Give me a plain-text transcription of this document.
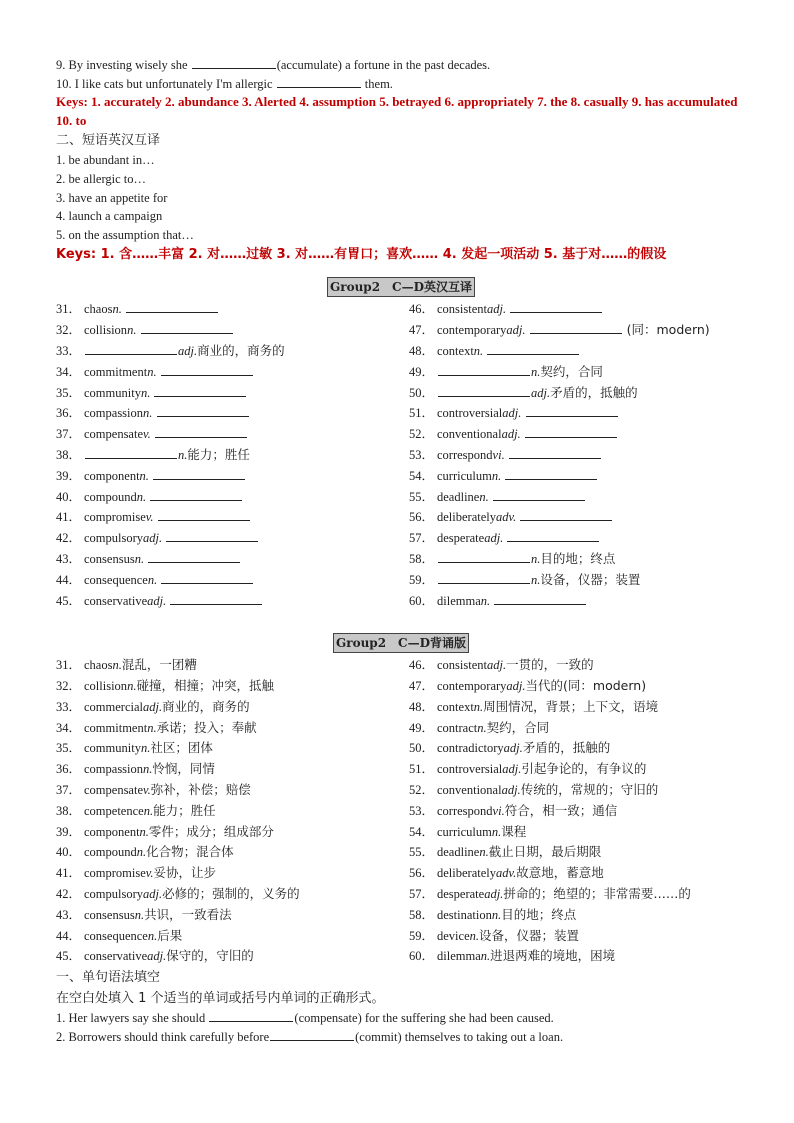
9. By investing wisely she	(accumulate) a fortune in the past decades.
10. I like cats but unfortunately I'm allergic	them.
Keys: 1. accurately 2. abundance 3. Alerted 4. assumption 5. betrayed 6. appropriately 7. the 8. casually 9. has accumulated 10. to
二、短语英汉互译
1. be abundant in…
2. be allergic to…
3. have an appetite for
4. launch a campaign
5. on the assumption that…
Keys: 1. 含……丰富 2. 对……过敏 3. 对……有胃口；喜欢…… 4. 发起一项活动 5. 基于对……的假设
Group2　C—D英汉互译
31． chaosn.	46． consistentadj.
32． collisionn.	47． contemporaryadj.	(同：modern)
33．	adj.商业的，商务的	48． contextn.
34． commitmentn.	49．	n.契约，合同
35． communityn.	50．	adj.矛盾的，抵触的
36． compassionn.	51． controversialadj.
37． compensatev.	52． conventionaladj.
38．	n.能力；胜任	53． correspondvi.
39． componentn.	54． curriculumn.
40． compoundn.	55． deadlinen.
41． compromisev.	56． deliberatelyadv.
42． compulsoryadj.	57． desperateadj.
43． consensusn.	58．	n.目的地；终点
44． consequencen.	59．	n.设备，仪器；装置
45． conservativeadj.	60． dilemman.
Group2　C—D背诵版
31． chaosn.混乱，一团糟	46． consistentadj.一贯的，一致的
32． collisionn.碰撞，相撞；冲突，抵触	47． contemporaryadj.当代的(同：modern)
33． commercialadj.商业的，商务的	48． contextn.周围情况，背景；上下文，语境
34． commitmentn.承诺；投入；奉献	49． contractn.契约，合同
35． communityn.社区；团体	50． contradictoryadj.矛盾的，抵触的
36． compassionn.怜悯，同情	51． controversialadj.引起争论的，有争议的
37． compensatev.弥补，补偿；赔偿	52． conventionaladj.传统的，常规的；守旧的
38． competencen.能力；胜任	53． correspondvi.符合，相一致；通信
39． componentn.零件；成分；组成部分	54． curriculumn.课程
40． compoundn.化合物；混合体	55． deadlinen.截止日期，最后期限
41． compromisev.妥协，让步	56． deliberatelyadv.故意地，蓄意地
42． compulsoryadj.必修的；强制的，义务的	57． desperateadj.拼命的；绝望的；非常需要……的
43． consensusn.共识，一致看法	58． destinationn.目的地；终点
44． consequencen.后果	59． devicen.设备，仪器；装置
45． conservativeadj.保守的，守旧的	60． dilemman.进退两难的境地，困境
一、单句语法填空
在空白处填入 1 个适当的单词或括号内单词的正确形式。
1. Her lawyers say she should	(compensate) for the suffering she had been caused.
2. Borrowers should think carefully before	(commit) themselves to taking out a loan.
